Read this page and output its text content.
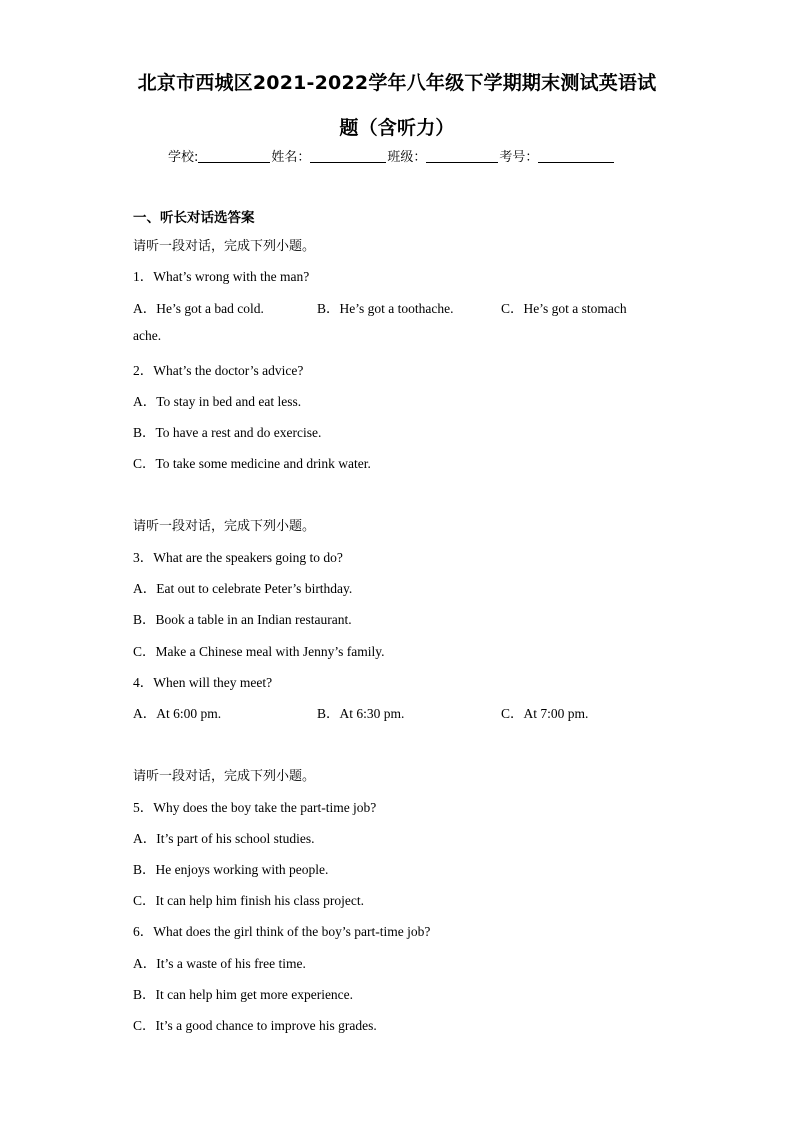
北京市西城区2021-2022学年八年级下学期期末测试英语试
题（含听力）
学校:	姓名：	班级：	考号：
一、听长对话选答案
请听一段对话，完成下列小题。
1．What’s wrong with the man?
A．He’s got a bad cold.	B．He’s got a toothache.	C．He’s got a stomach
ache.
2．What’s the doctor’s advice?
A．To stay in bed and eat less.
B．To have a rest and do exercise.
C．To take some medicine and drink water.
请听一段对话，完成下列小题。
3．What are the speakers going to do?
A．Eat out to celebrate Peter’s birthday.
B．Book a table in an Indian restaurant.
C．Make a Chinese meal with Jenny’s family.
4．When will they meet?
A．At 6:00 pm.	B．At 6:30 pm.	C．At 7:00 pm.
请听一段对话，完成下列小题。
5．Why does the boy take the part-time job?
A．It’s part of his school studies.
B．He enjoys working with people.
C．It can help him finish his class project.
6．What does the girl think of the boy’s part-time job?
A．It’s a waste of his free time.
B．It can help him get more experience.
C．It’s a good chance to improve his grades.
